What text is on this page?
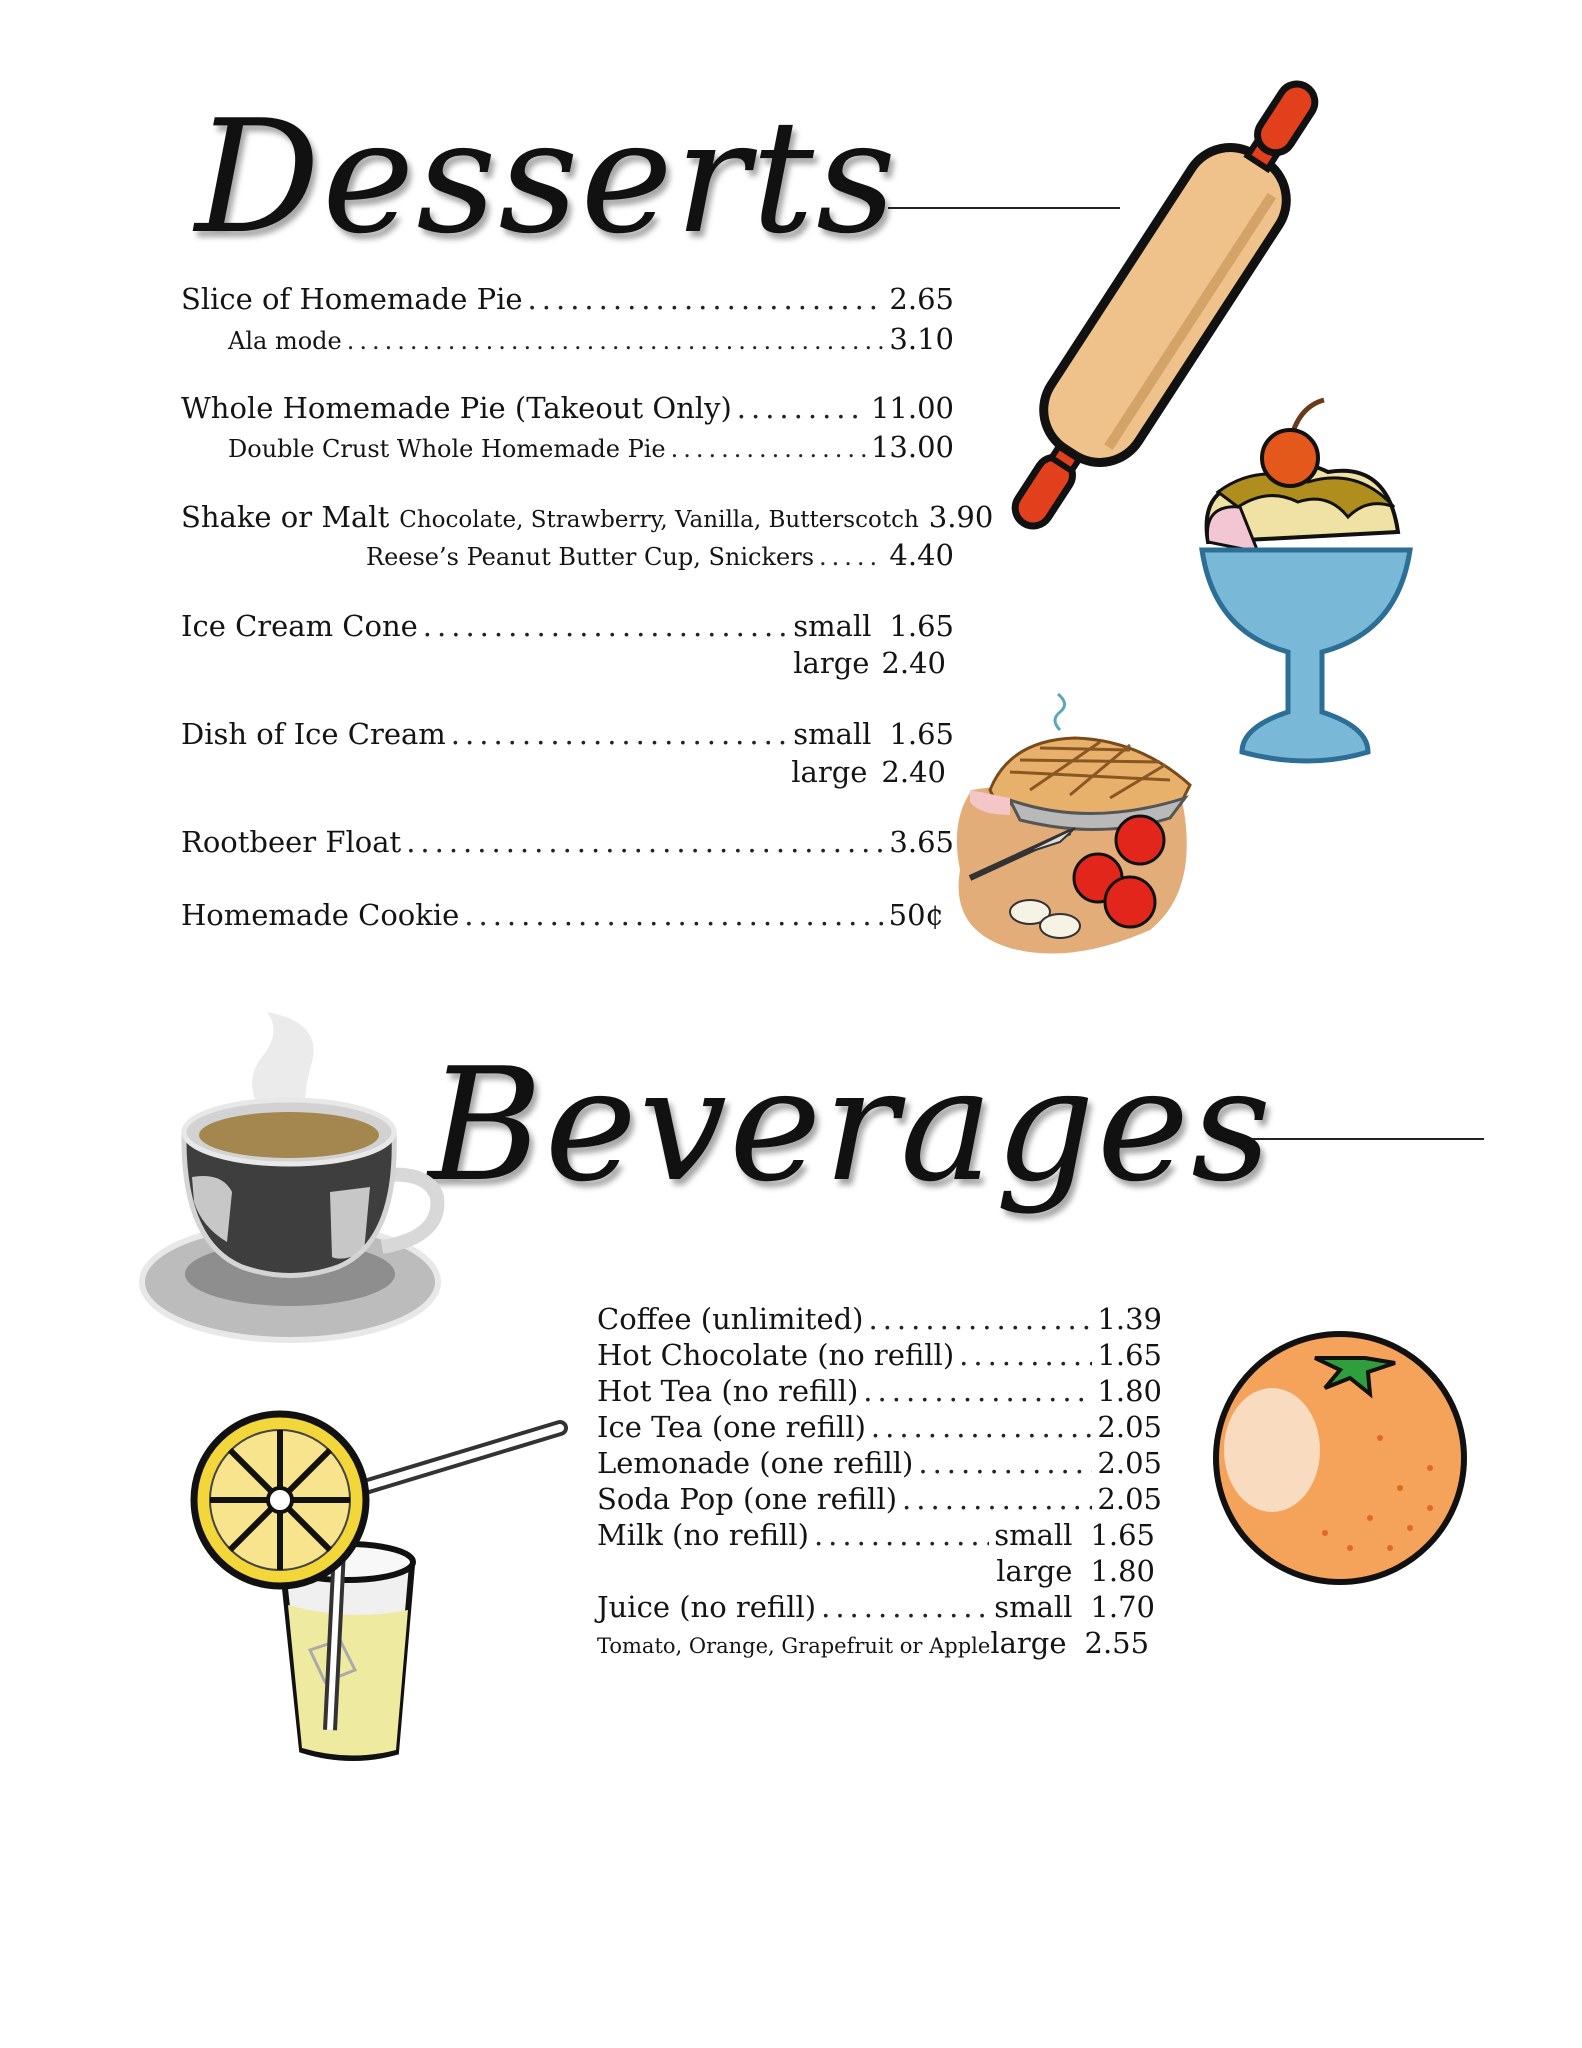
Desserts
Beverages
Slice of Homemade Pie .....	2.65
Ala mode .....	3.10
Whole Homemade Pie (Takeout Only) .....	11.00
Double Crust Whole Homemade Pie .....	13.00
Shake or Malt Chocolate, Strawberry, Vanilla, Butterscotch 3.90
Reese’s Peanut Butter Cup, Snickers .....	4.40
Ice Cream Cone .....	small 1.65
large 2.40
Dish of Ice Cream .....	small 1.65
large 2.40
Rootbeer Float .....	3.65
Homemade Cookie .....	50¢
Coffee (unlimited) .....	1.39
Hot Chocolate (no refill) .....	1.65
Hot Tea (no refill) .....	1.80
Ice Tea (one refill) .....	2.05
Lemonade (one refill) .....	2.05
Soda Pop (one refill) .....	2.05
Milk (no refill) .....	small 1.65
large 1.80
Juice (no refill) .....	small 1.70
Tomato, Orange, Grapefruit or Apple large 2.55
